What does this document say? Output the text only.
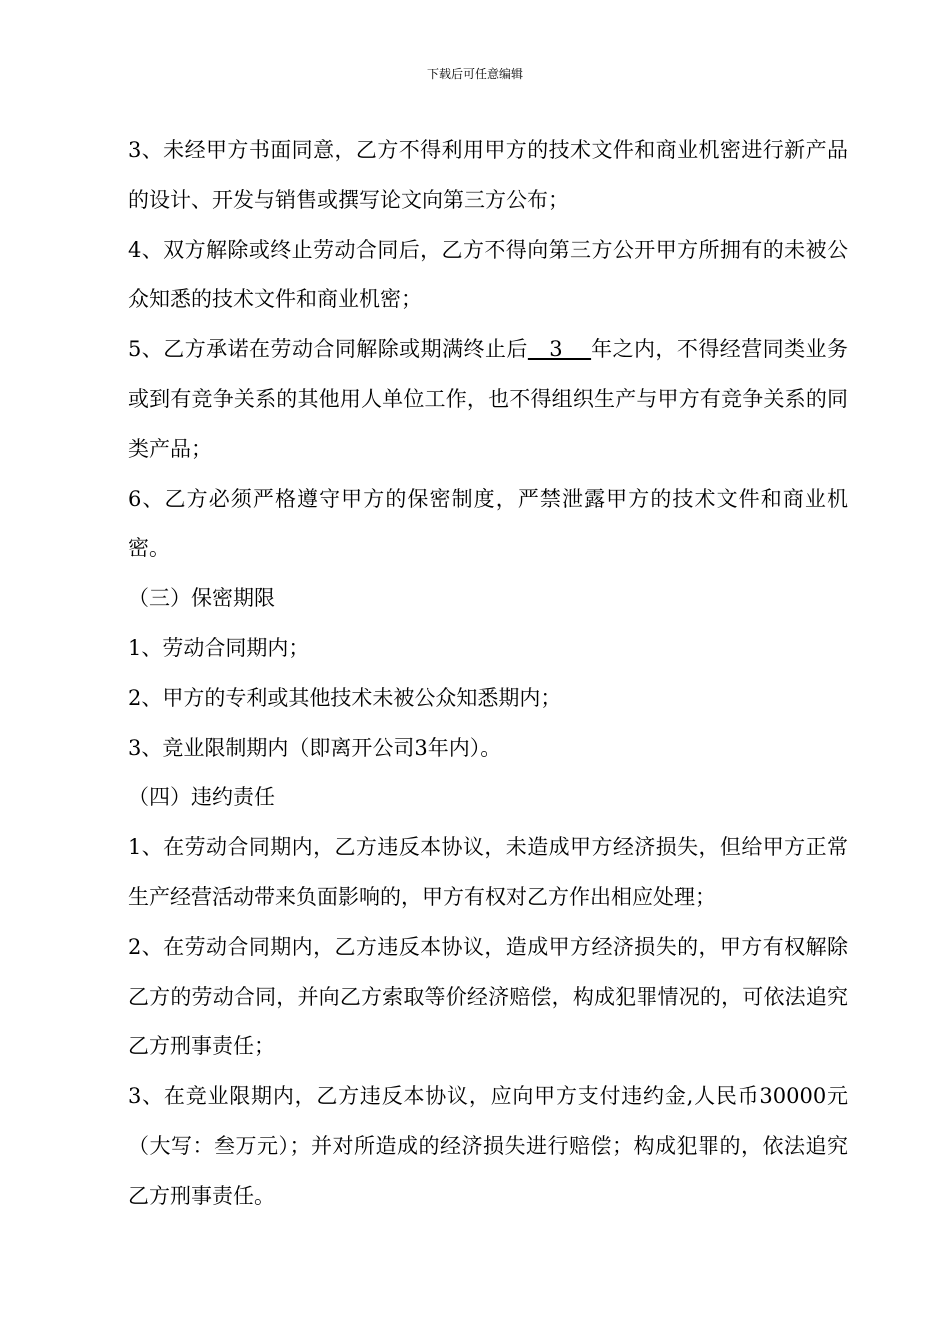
下载后可任意编辑

3、未经甲方书面同意，乙方不得利用甲方的技术文件和商业机密进行新产品的设计、开发与销售或撰写论文向第三方公布；

4、双方解除或终止劳动合同后，乙方不得向第三方公开甲方所拥有的未被公众知悉的技术文件和商业机密；

5、乙方承诺在劳动合同解除或期满终止后   3    年之内，不得经营同类业务或到有竞争关系的其他用人单位工作，也不得组织生产与甲方有竞争关系的同类产品；

6、乙方必须严格遵守甲方的保密制度，严禁泄露甲方的技术文件和商业机密。

（三）保密期限

1、劳动合同期内；

2、甲方的专利或其他技术未被公众知悉期内；

3、竞业限制期内（即离开公司3年内）。

（四）违约责任

1、在劳动合同期内，乙方违反本协议，未造成甲方经济损失，但给甲方正常生产经营活动带来负面影响的，甲方有权对乙方作出相应处理；

2、在劳动合同期内，乙方违反本协议，造成甲方经济损失的，甲方有权解除乙方的劳动合同，并向乙方索取等价经济赔偿，构成犯罪情况的，可依法追究乙方刑事责任；

3、在竞业限期内，乙方违反本协议，应向甲方支付违约金,人民币30000元（大写：叁万元）；并对所造成的经济损失进行赔偿；构成犯罪的，依法追究乙方刑事责任。
